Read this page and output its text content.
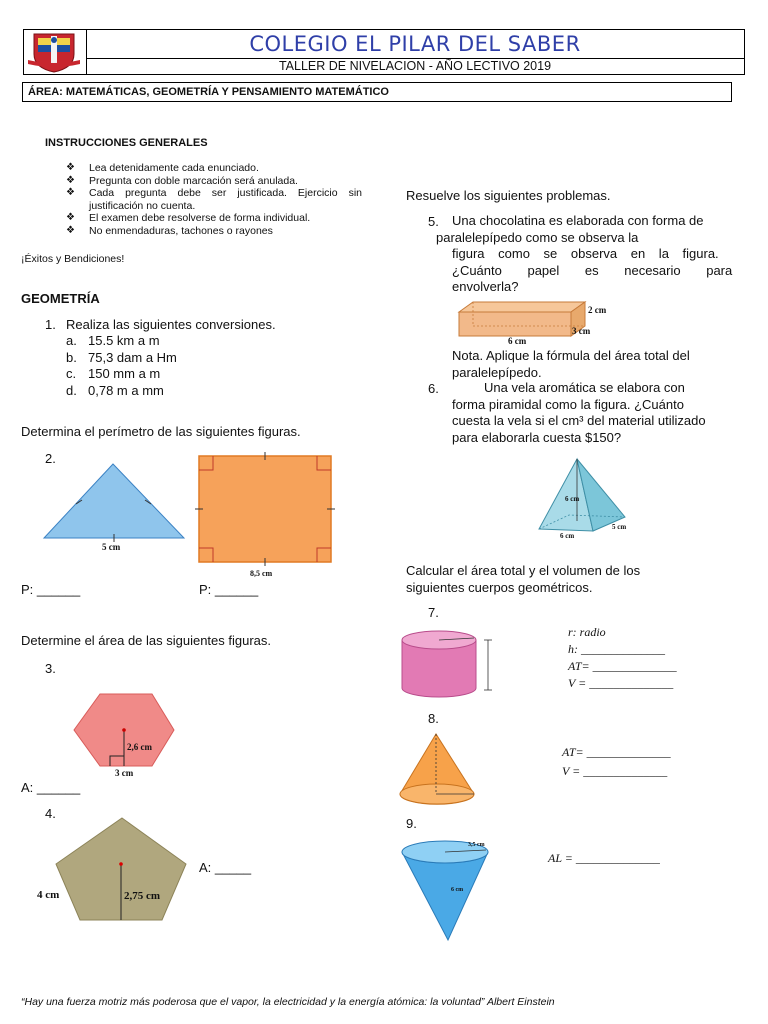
COLEGIO EL PILAR DEL SABER
TALLER DE NIVELACION - AÑO LECTIVO 2019
ÁREA: MATEMÁTICAS, GEOMETRÍA Y PENSAMIENTO MATEMÁTICO
INSTRUCCIONES GENERALES
❖ Lea detenidamente cada enunciado.
❖ Pregunta con doble marcación será anulada.
❖ Cada pregunta debe ser justificada. Ejercicio sin justificación no cuenta.
❖ El examen debe resolverse de forma individual.
❖ No enmendaduras, tachones o rayones
¡Éxitos y Bendiciones!
GEOMETRÍA
1. Realiza las siguientes conversiones.
a. 15.5 km a m
b. 75,3 dam a Hm
c. 150 mm a m
d. 0,78 m a mm
Determina el perímetro de las siguientes figuras.
2.
5 cm
8,5 cm
P: ______	P: ______
Determine el área de las siguientes figuras.
3.
2,6 cm
3 cm
A: ______
4.
4 cm	2,75 cm
A: _____
Resuelve los siguientes problemas.
5. Una chocolatina es elaborada con forma de
paralelepípedo como se observa la
figura como se observa en la figura.
¿Cuánto papel es necesario para
envolverla?
2 cm
3 cm
6 cm
Nota. Aplique la fórmula del área total del
paralelepípedo.
6.	Una vela aromática se elabora con
forma piramidal como la figura. ¿Cuánto
cuesta la vela si el cm³ del material utilizado
para elaborarla cuesta $150?
6 cm
5 cm
6 cm
Calcular el área total y el volumen de los
siguientes cuerpos geométricos.
7.
r: radio
h: ______________
AT= ______________
V = ______________
8.
AT= ______________
V = ______________
9.
3,5 cm
6 cm
AL = ______________
“Hay una fuerza motriz más poderosa que el vapor, la electricidad y la energía atómica: la voluntad” Albert Einstein
